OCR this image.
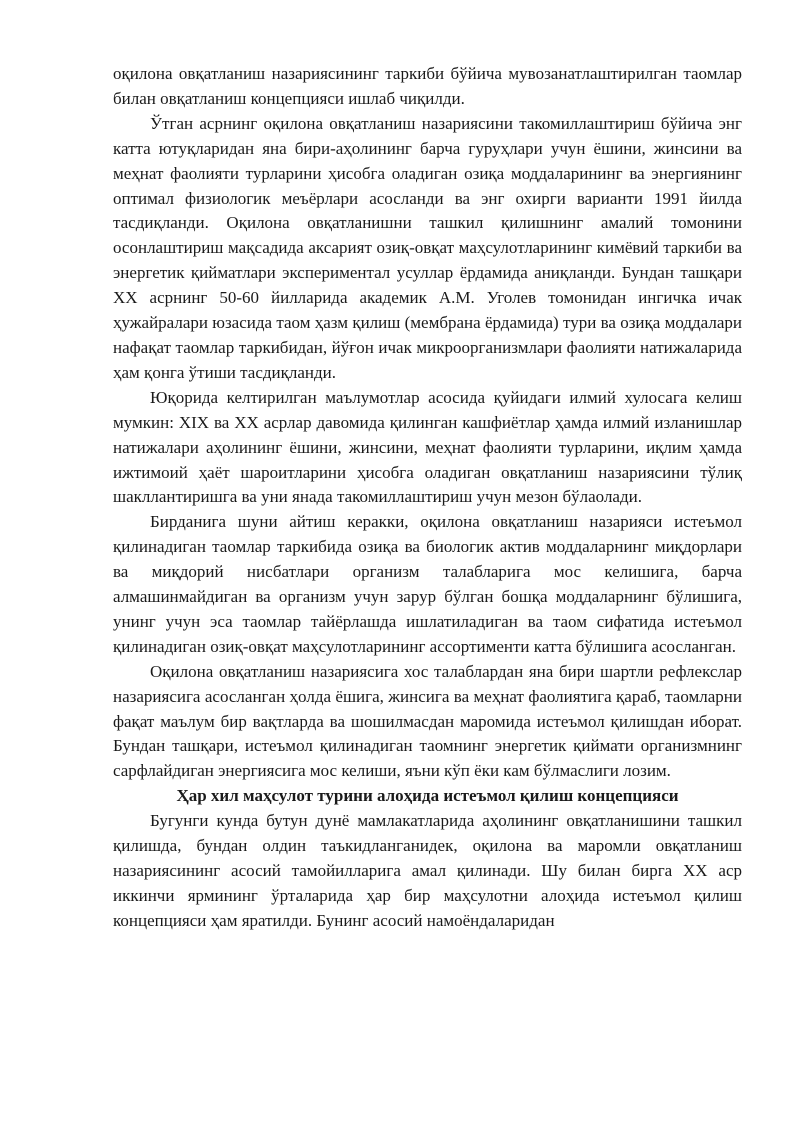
оқилона овқатланиш назариясининг таркиби бўйича мувозанатлаштирилган таомлар билан овқатланиш концепцияси ишлаб чиқилди.

Ўтган асрнинг оқилона овқатланиш назариясини такомиллаштириш бўйича энг катта ютуқларидан яна бири-аҳолининг барча гуруҳлари учун ёшини, жинсини ва меҳнат фаолияти турларини ҳисобга оладиган озиқа моддаларининг ва энергиянинг оптимал физиологик меъёрлари асосланди ва энг охирги варианти 1991 йилда тасдиқланди. Оқилона овқатланишни ташкил қилишнинг амалий томонини осонлаштириш мақсадида аксарият озиқ-овқат маҳсулотларининг кимёвий таркиби ва энергетик қийматлари экспериментал усуллар ёрдамида аниқланди. Бундан ташқари ХХ асрнинг 50-60 йилларида академик А.М. Уголев томонидан ингичка ичак ҳужайралари юзасида таом ҳазм қилиш (мембрана ёрдамида) тури ва озиқа моддалари нафақат таомлар таркибидан, йўғон ичак микроорганизмлари фаолияти натижаларида ҳам қонга ўтиши тасдиқланди.

Юқорида келтирилган маълумотлар асосида қуйидаги илмий хулосага келиш мумкин: XIX ва XX асрлар давомида қилинган кашфиётлар ҳамда илмий изланишлар натижалари аҳолининг ёшини, жинсини, меҳнат фаолияти турларини, иқлим ҳамда ижтимоий ҳаёт шароитларини ҳисобга оладиган овқатланиш назариясини тўлиқ шакллантиришга ва уни янада такомиллаштириш учун мезон бўлаолади.

Бирданига шуни айтиш керакки, оқилона овқатланиш назарияси истеъмол қилинадиган таомлар таркибида озиқа ва биологик актив моддаларнинг миқдорлари ва миқдорий нисбатлари организм талабларига мос келишига, барча алмашинмайдиган ва организм учун зарур бўлган бошқа моддаларнинг бўлишига, унинг учун эса таомлар тайёрлашда ишлатиладиган ва таом сифатида истеъмол қилинадиган озиқ-овқат маҳсулотларининг ассортименти катта бўлишига асосланган.

Оқилона овқатланиш назариясига хос талаблардан яна бири шартли рефлекслар назариясига асосланган ҳолда ёшига, жинсига ва меҳнат фаолиятига қараб, таомларни фақат маълум бир вақтларда ва шошилмасдан маромида истеъмол қилишдан иборат. Бундан ташқари, истеъмол қилинадиган таомнинг энергетик қиймати организмнинг сарфлайдиган энергиясига мос келиши, яъни кўп ёки кам бўлмаслиги лозим.

Ҳар хил маҳсулот турини алоҳида истеъмол қилиш концепцияси

Бугунги кунда бутун дунё мамлакатларида аҳолининг овқатланишини ташкил қилишда, бундан олдин таъкидланганидек, оқилона ва маромли овқатланиш назариясининг асосий тамойилларига амал қилинади. Шу билан бирга ХХ аср иккинчи ярмининг ўрталарида ҳар бир маҳсулотни алоҳида истеъмол қилиш концепцияси ҳам яратилди. Бунинг асосий намоёндаларидан
